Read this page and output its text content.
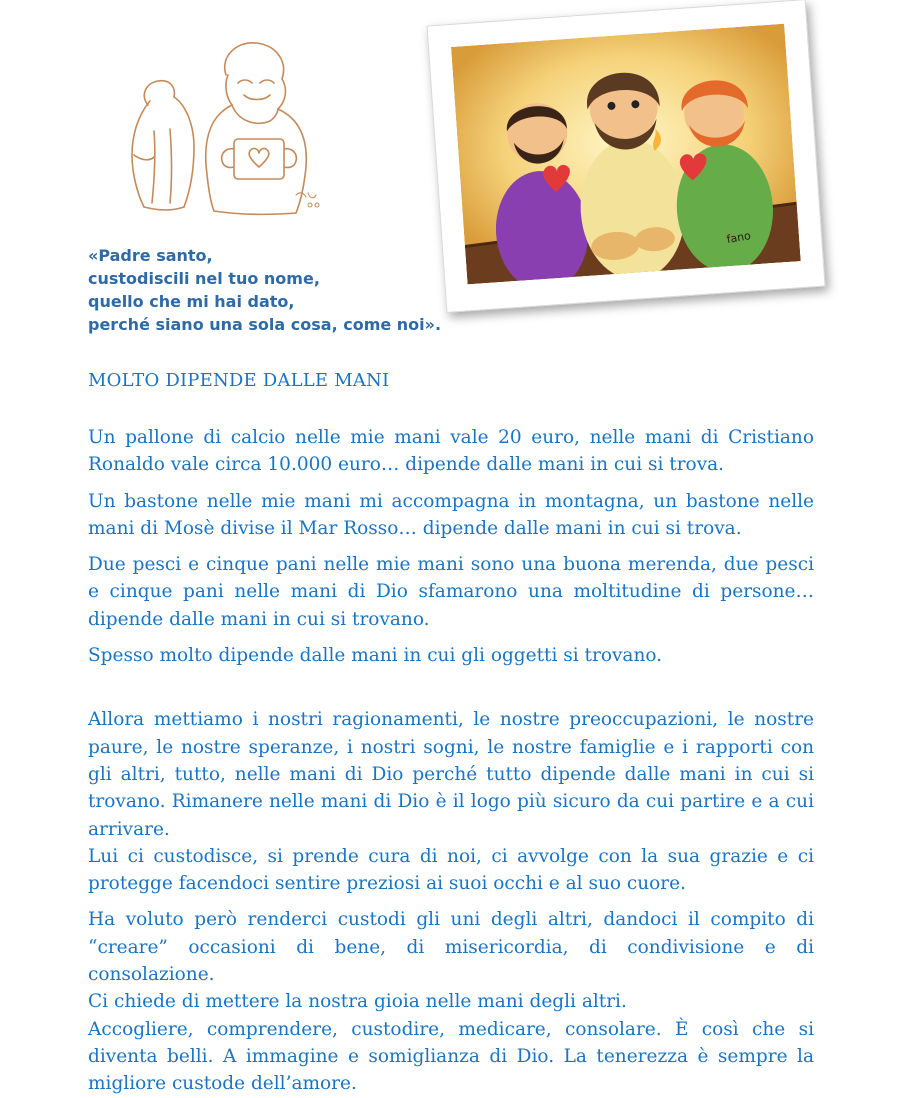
fano
«Padre santo,
custodiscili nel tuo nome,
quello che mi hai dato,
perché siano una sola cosa, come noi».
MOLTO DIPENDE DALLE MANI

Un pallone di calcio nelle mie mani vale 20 euro, nelle mani di Cristiano Ronaldo vale circa 10.000 euro… dipende dalle mani in cui si trova.

Un bastone nelle mie mani mi accompagna in montagna, un bastone nelle mani di Mosè divise il Mar Rosso… dipende dalle mani in cui si trova.

Due pesci e cinque pani nelle mie mani sono una buona merenda, due pesci e cinque pani nelle mani di Dio sfamarono una moltitudine di persone… dipende dalle mani in cui si trovano.

Spesso molto dipende dalle mani in cui gli oggetti si trovano.

Allora mettiamo i nostri ragionamenti, le nostre preoccupazioni, le nostre paure, le nostre speranze, i nostri sogni, le nostre famiglie e i rapporti con gli altri, tutto, nelle mani di Dio perché tutto dipende dalle mani in cui si trovano. Rimanere nelle mani di Dio è il logo più sicuro da cui partire e a cui arrivare.

Lui ci custodisce, si prende cura di noi, ci avvolge con la sua grazie e ci protegge facendoci sentire preziosi ai suoi occhi e al suo cuore.

Ha voluto però renderci custodi gli uni degli altri, dandoci il compito di “creare” occasioni di bene, di misericordia, di condivisione e di consolazione.

Ci chiede di mettere la nostra gioia nelle mani degli altri.

Accogliere, comprendere, custodire, medicare, consolare. È così che si diventa belli. A immagine e somiglianza di Dio. La tenerezza è sempre la migliore custode dell’amore.
